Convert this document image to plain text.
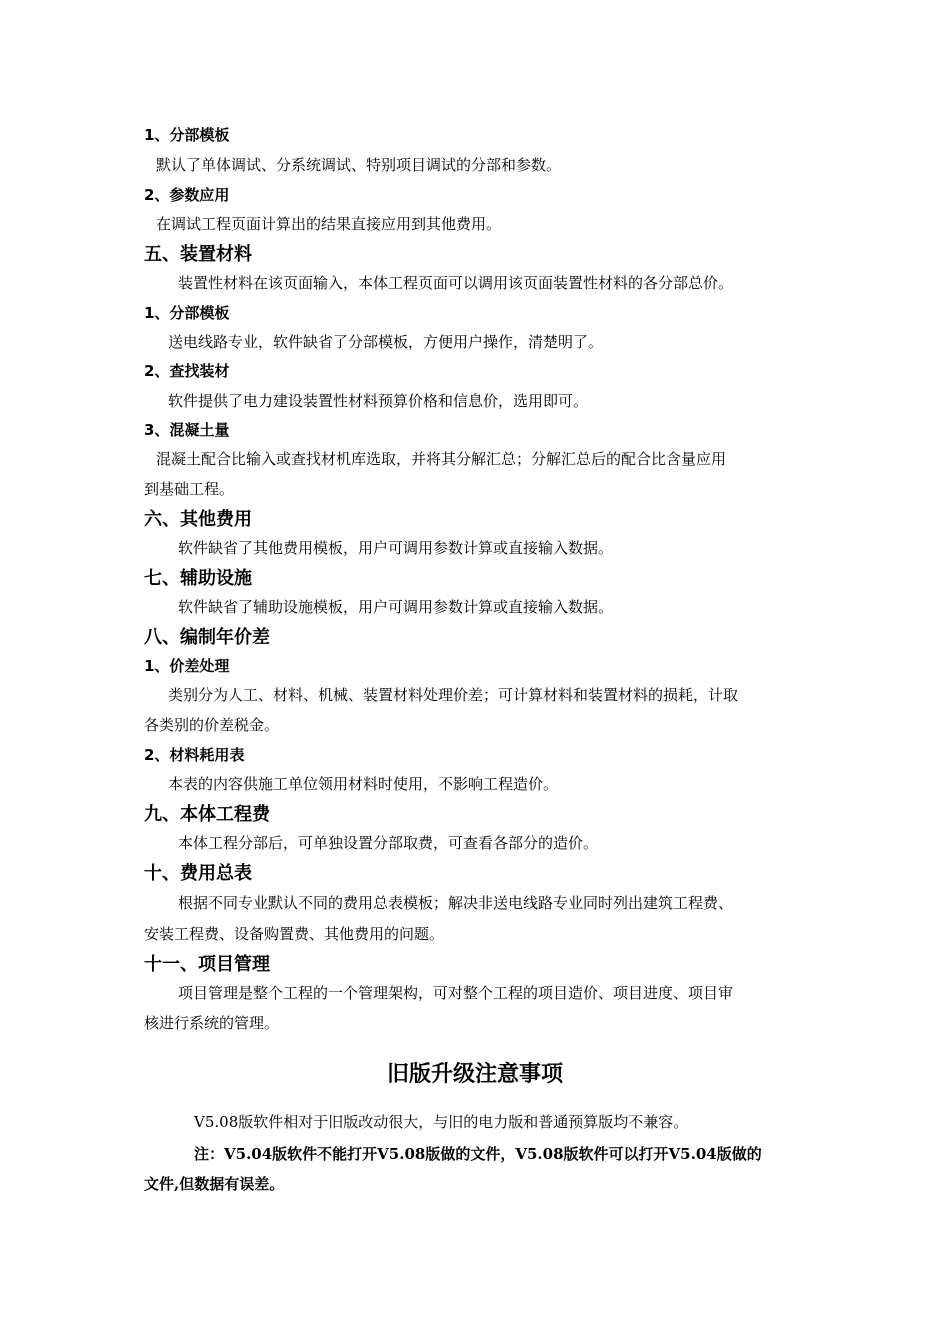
1、分部模板
默认了单体调试、分系统调试、特别项目调试的分部和参数。
2、参数应用
在调试工程页面计算出的结果直接应用到其他费用。
五、装置材料
装置性材料在该页面输入，本体工程页面可以调用该页面装置性材料的各分部总价。
1、分部模板
送电线路专业，软件缺省了分部模板，方便用户操作，清楚明了。
2、查找装材
软件提供了电力建设装置性材料预算价格和信息价，选用即可。
3、混凝土量
混凝土配合比输入或查找材机库选取，并将其分解汇总；分解汇总后的配合比含量应用
到基础工程。
六、其他费用
软件缺省了其他费用模板，用户可调用参数计算或直接输入数据。
七、辅助设施
软件缺省了辅助设施模板，用户可调用参数计算或直接输入数据。
八、编制年价差
1、价差处理
类别分为人工、材料、机械、装置材料处理价差；可计算材料和装置材料的损耗，计取
各类别的价差税金。
2、材料耗用表
本表的内容供施工单位领用材料时使用，不影响工程造价。
九、本体工程费
本体工程分部后，可单独设置分部取费，可查看各部分的造价。
十、费用总表
根据不同专业默认不同的费用总表模板；解决非送电线路专业同时列出建筑工程费、
安装工程费、设备购置费、其他费用的问题。
十一、项目管理
项目管理是整个工程的一个管理架构，可对整个工程的项目造价、项目进度、项目审
核进行系统的管理。
旧版升级注意事项
V5.08版软件相对于旧版改动很大，与旧的电力版和普通预算版均不兼容。
注：V5.04版软件不能打开V5.08版做的文件，V5.08版软件可以打开V5.04版做的
文件,但数据有误差。
